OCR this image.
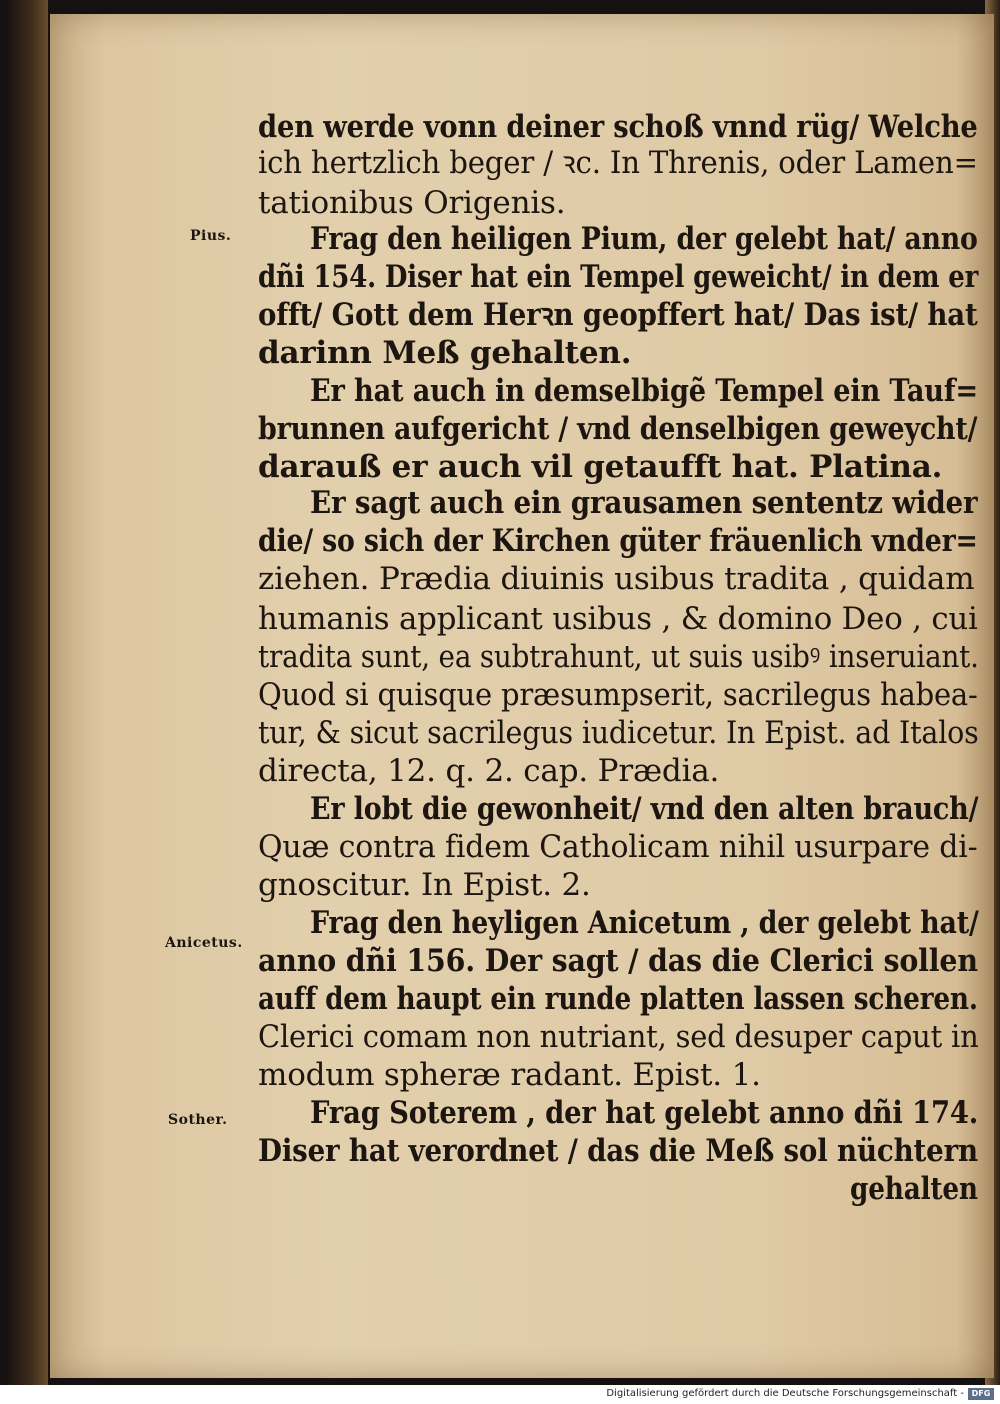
den werde vonn deiner schoß vnnd rüg/ Welche
ich hertzlich beger / ꝛc. In Threnis, oder Lamen=
tationibus Origenis.
Pius.	Frag den heiligen Pium, der gelebt hat/ anno
dñi 154. Diser hat ein Tempel geweicht/ in dem er
offt/ Gott dem Herꝛn geopffert hat/ Das ist/ hat
darinn Meß gehalten.
Er hat auch in demselbigẽ Tempel ein Tauf=
brunnen aufgericht / vnd denselbigen geweycht/
darauß er auch vil getaufft hat. Platina.
Er sagt auch ein grausamen sententz wider
die/ so sich der Kirchen güter fräuenlich vnder=
ziehen. Prædia diuinis usibus tradita , quidam
humanis applicant usibus , & domino Deo , cui
tradita sunt, ea subtrahunt, ut suis usibꝰ inseruiant.
Quod si quisque præsumpserit, sacrilegus habea-
tur, & sicut sacrilegus iudicetur. In Epist. ad Italos
directa, 12. q. 2. cap. Prædia.
Er lobt die gewonheit/ vnd den alten brauch/
Quæ contra fidem Catholicam nihil usurpare di-
gnoscitur. In Epist. 2.
Anicetus.
Frag den heyligen Anicetum , der gelebt hat/
anno dñi 156. Der sagt / das die Clerici sollen
auff dem haupt ein runde platten lassen scheren.
Clerici comam non nutriant, sed desuper caput in
modum spheræ radant. Epist. 1.
Sother.	Frag Soterem , der hat gelebt anno dñi 174.
Diser hat verordnet / das die Meß sol nüchtern
gehalten
Digitalisierung gefördert durch die Deutsche Forschungsgemeinschaft - DFG
